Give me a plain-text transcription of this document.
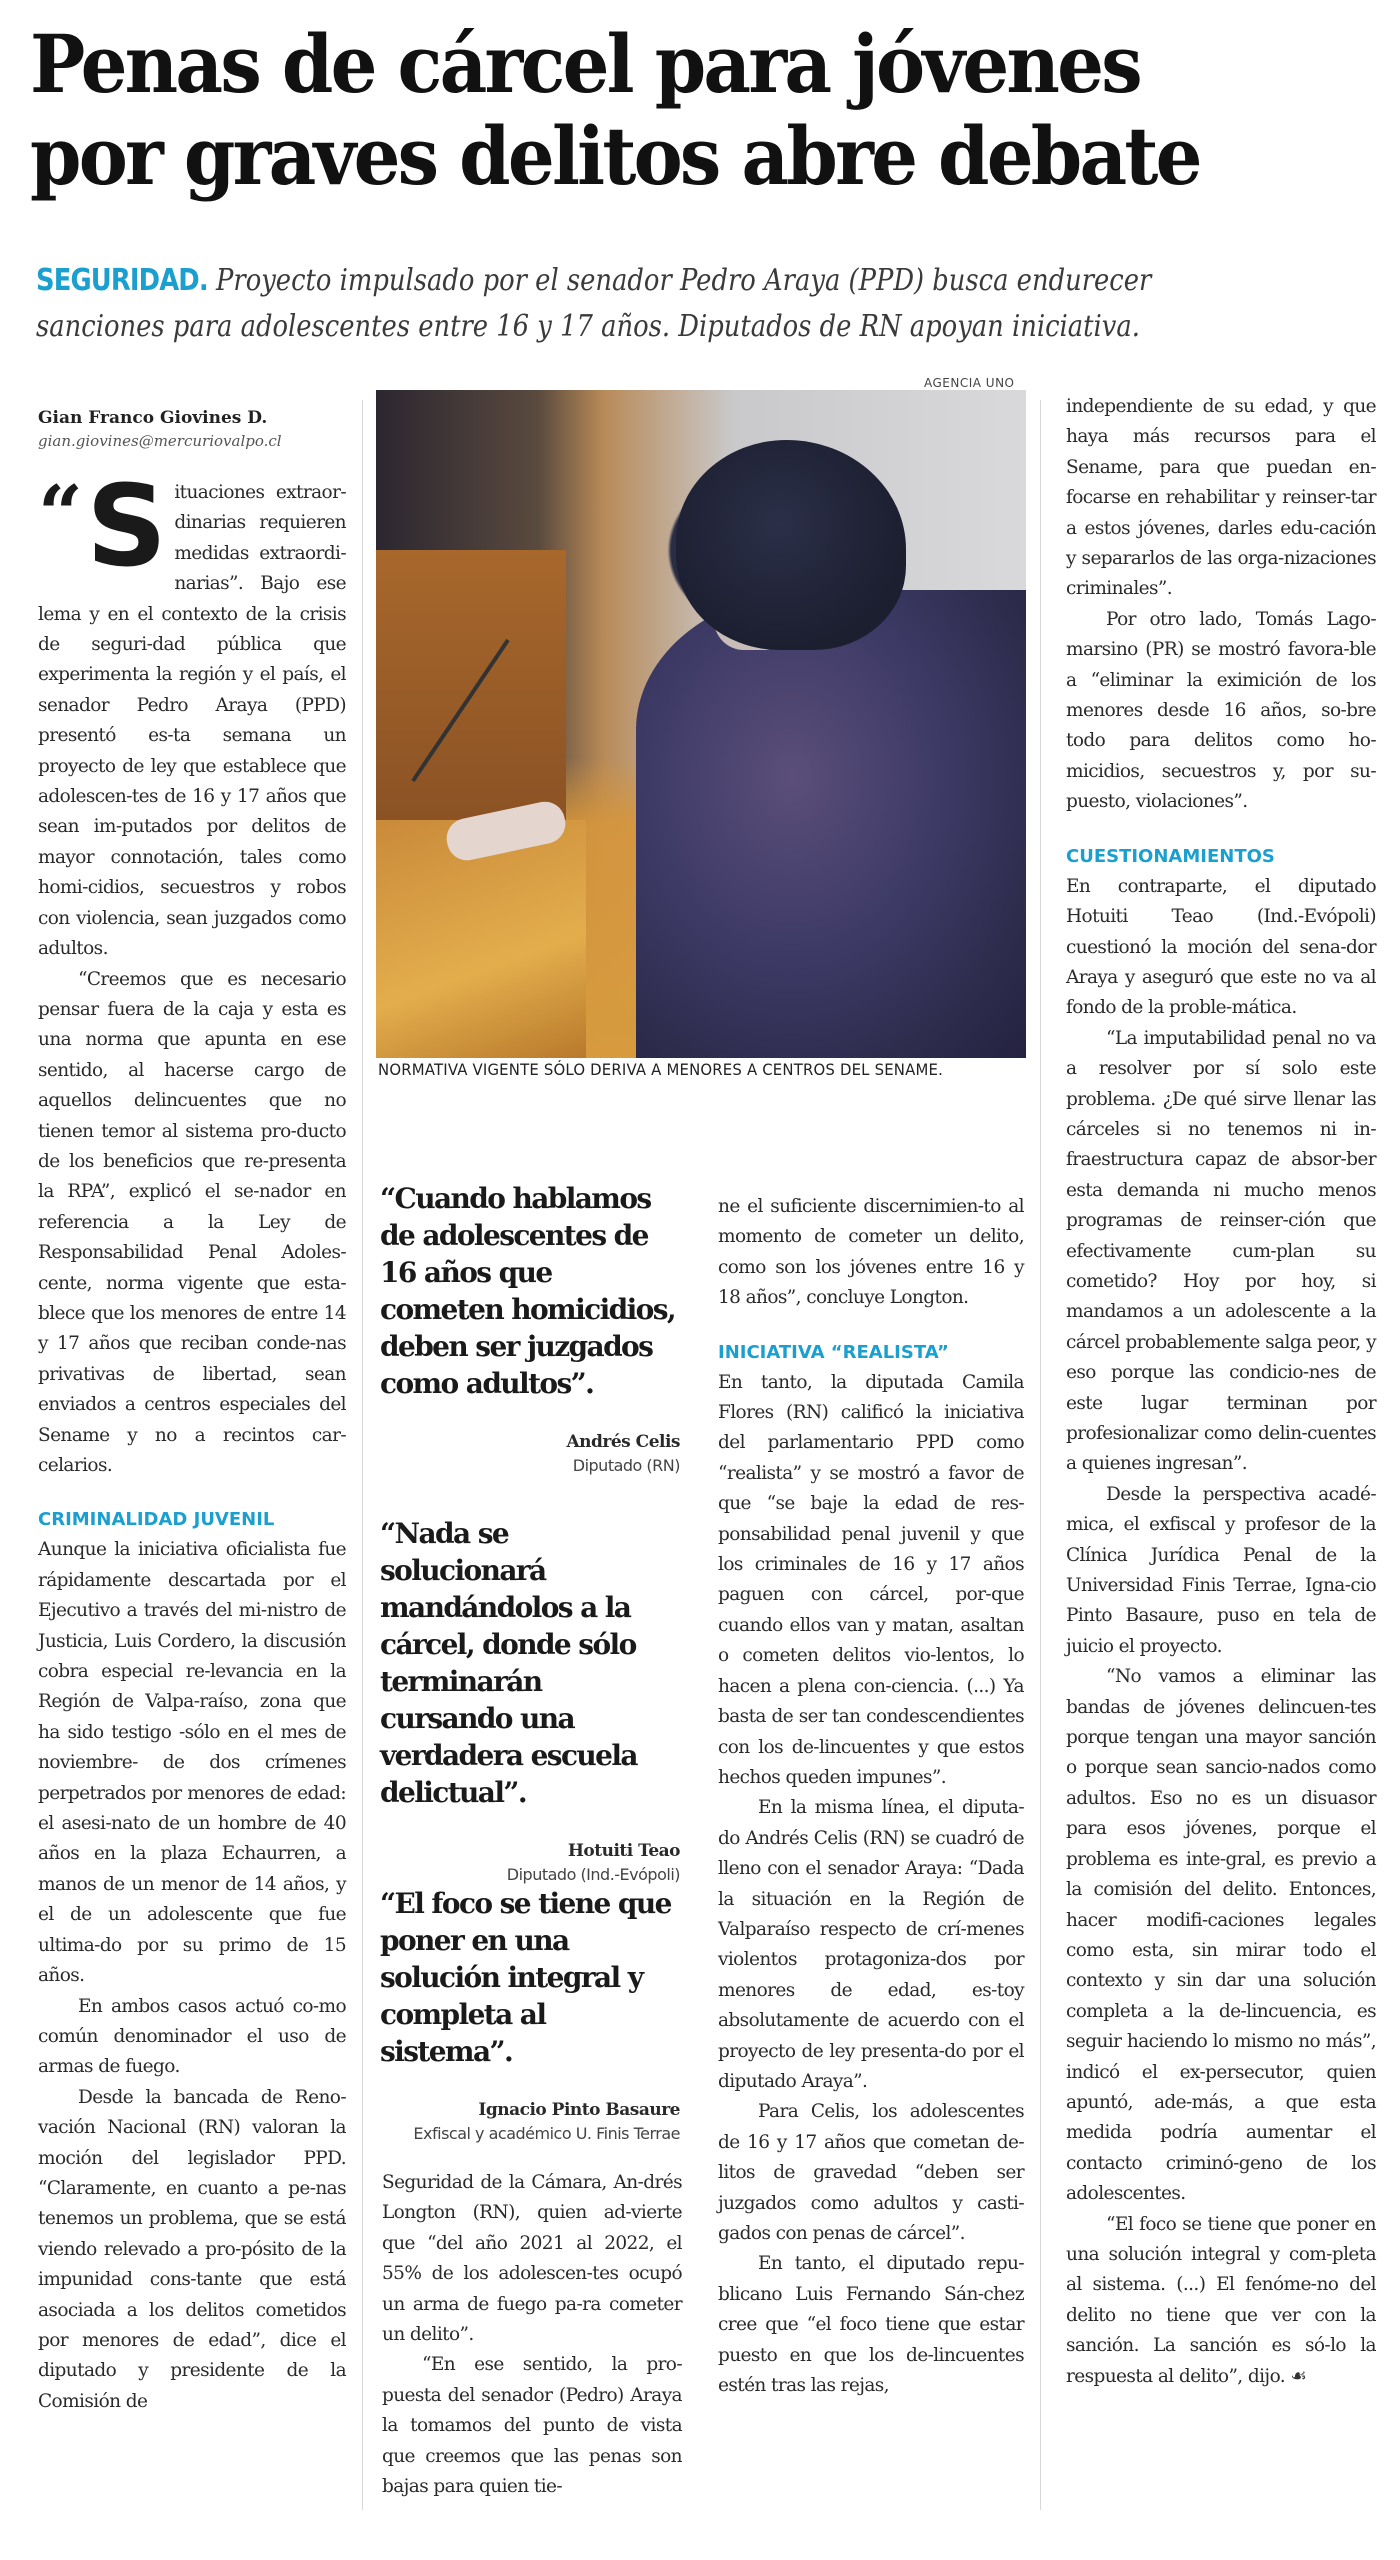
Penas de cárcel para jóvenes
por graves delitos abre debate
SEGURIDAD. Proyecto impulsado por el senador Pedro Araya (PPD) busca endurecer sanciones para adolescentes entre 16 y 17 años. Diputados de RN apoyan iniciativa.
Gian Franco Giovines D.
gian.giovines@mercuriovalpo.cl
AGENCIA UNO
NORMATIVA VIGENTE SÓLO DERIVA A MENORES A CENTROS DEL SENAME.
“ S ituaciones extraor-dinarias requieren medidas extraordi-narias”. Bajo ese lema y en el contexto de la crisis de seguri-dad pública que experimenta la región y el país, el senador Pedro Araya (PPD) presentó es-ta semana un proyecto de ley que establece que adolescen-tes de 16 y 17 años que sean im-putados por delitos de mayor connotación, tales como homi-cidios, secuestros y robos con violencia, sean juzgados como adultos.

“Creemos que es necesario pensar fuera de la caja y esta es una norma que apunta en ese sentido, al hacerse cargo de aquellos delincuentes que no tienen temor al sistema pro-ducto de los beneficios que re-presenta la RPA”, explicó el se-nador en referencia a la Ley de Responsabilidad Penal Adoles-cente, norma vigente que esta-blece que los menores de entre 14 y 17 años que reciban conde-nas privativas de libertad, sean enviados a centros especiales del Sename y no a recintos car-celarios.

CRIMINALIDAD JUVENIL

Aunque la iniciativa oficialista fue rápidamente descartada por el Ejecutivo a través del mi-nistro de Justicia, Luis Cordero, la discusión cobra especial re-levancia en la Región de Valpa-raíso, zona que ha sido testigo -sólo en el mes de noviembre- de dos crímenes perpetrados por menores de edad: el asesi-nato de un hombre de 40 años en la plaza Echaurren, a manos de un menor de 14 años, y el de un adolescente que fue ultima-do por su primo de 15 años.

En ambos casos actuó co-mo común denominador el uso de armas de fuego.

Desde la bancada de Reno-vación Nacional (RN) valoran la moción del legislador PPD. “Claramente, en cuanto a pe-nas tenemos un problema, que se está viendo relevado a pro-pósito de la impunidad cons-tante que está asociada a los delitos cometidos por menores de edad”, dice el diputado y presidente de la Comisión de

“Cuando hablamos de adolescentes de 16 años que cometen homicidios, deben ser juzgados como adultos”.
Andrés Celis
Diputado (RN)
“Nada se solucionará mandándolos a la cárcel, donde sólo terminarán cursando una verdadera escuela delictual”.
Hotuiti Teao
Diputado (Ind.-Evópoli)
“El foco se tiene que poner en una solución integral y completa al sistema”.
Ignacio Pinto Basaure
Exfiscal y académico U. Finis Terrae

Seguridad de la Cámara, An-drés Longton (RN), quien ad-vierte que “del año 2021 al 2022, el 55% de los adolescen-tes ocupó un arma de fuego pa-ra cometer un delito”.

“En ese sentido, la pro-puesta del senador (Pedro) Araya la tomamos del punto de vista que creemos que las penas son bajas para quien tie-

ne el suficiente discernimien-to al momento de cometer un delito, como son los jóvenes entre 16 y 18 años”, concluye Longton.

INICIATIVA “REALISTA”

En tanto, la diputada Camila Flores (RN) calificó la iniciativa del parlamentario PPD como “realista” y se mostró a favor de que “se baje la edad de res-ponsabilidad penal juvenil y que los criminales de 16 y 17 años paguen con cárcel, por-que cuando ellos van y matan, asaltan o cometen delitos vio-lentos, lo hacen a plena con-ciencia. (...) Ya basta de ser tan condescendientes con los de-lincuentes y que estos hechos queden impunes”.

En la misma línea, el diputa-do Andrés Celis (RN) se cuadró de lleno con el senador Araya: “Dada la situación en la Región de Valparaíso respecto de crí-menes violentos protagoniza-dos por menores de edad, es-toy absolutamente de acuerdo con el proyecto de ley presenta-do por el diputado Araya”.

Para Celis, los adolescentes de 16 y 17 años que cometan de-litos de gravedad “deben ser juzgados como adultos y casti-gados con penas de cárcel”.

En tanto, el diputado repu-blicano Luis Fernando Sán-chez cree que “el foco tiene que estar puesto en que los de-lincuentes estén tras las rejas,

independiente de su edad, y que haya más recursos para el Sename, para que puedan en-focarse en rehabilitar y reinser-tar a estos jóvenes, darles edu-cación y separarlos de las orga-nizaciones criminales”.

Por otro lado, Tomás Lago-marsino (PR) se mostró favora-ble a “eliminar la eximición de los menores desde 16 años, so-bre todo para delitos como ho-micidios, secuestros y, por su-puesto, violaciones”.

CUESTIONAMIENTOS

En contraparte, el diputado Hotuiti Teao (Ind.-Evópoli) cuestionó la moción del sena-dor Araya y aseguró que este no va al fondo de la proble-mática.

“La imputabilidad penal no va a resolver por sí solo este problema. ¿De qué sirve llenar las cárceles si no tenemos ni in-fraestructura capaz de absor-ber esta demanda ni mucho menos programas de reinser-ción que efectivamente cum-plan su cometido? Hoy por hoy, si mandamos a un adolescente a la cárcel probablemente salga peor, y eso porque las condicio-nes de este lugar terminan por profesionalizar como delin-cuentes a quienes ingresan”.

Desde la perspectiva acadé-mica, el exfiscal y profesor de la Clínica Jurídica Penal de la Universidad Finis Terrae, Igna-cio Pinto Basaure, puso en tela de juicio el proyecto.

“No vamos a eliminar las bandas de jóvenes delincuen-tes porque tengan una mayor sanción o porque sean sancio-nados como adultos. Eso no es un disuasor para esos jóvenes, porque el problema es inte-gral, es previo a la comisión del delito. Entonces, hacer modifi-caciones legales como esta, sin mirar todo el contexto y sin dar una solución completa a la de-lincuencia, es seguir haciendo lo mismo no más”, indicó el ex-persecutor, quien apuntó, ade-más, a que esta medida podría aumentar el contacto criminó-geno de los adolescentes.

“El foco se tiene que poner en una solución integral y com-pleta al sistema. (...) El fenóme-no del delito no tiene que ver con la sanción. La sanción es só-lo la respuesta al delito”, dijo. ☙
